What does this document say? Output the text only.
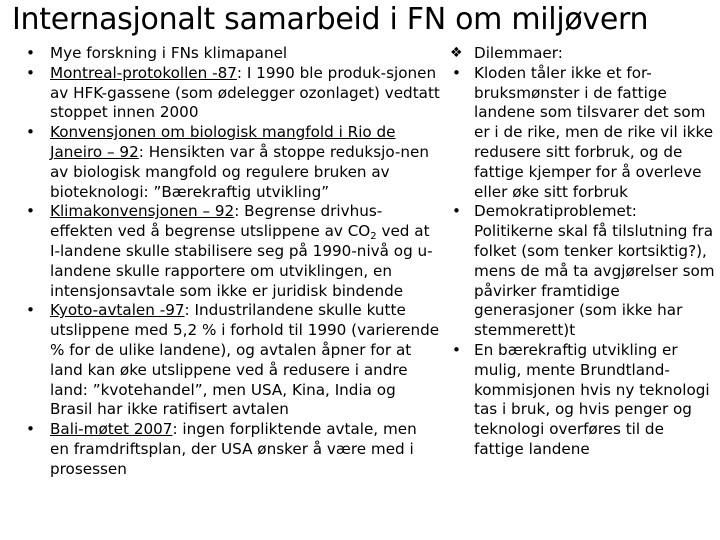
Internasjonalt samarbeid i FN om miljøvern
• Mye forskning i FNs klimapanel
• Montreal-protokollen -87: I 1990 ble produk-sjonen av HFK-gassene (som ødelegger ozonlaget) vedtatt stoppet innen 2000
• Konvensjonen om biologisk mangfold i Rio de Janeiro – 92: Hensikten var å stoppe reduksjo-nen av biologisk mangfold og regulere bruken av bioteknologi: ”Bærekraftig utvikling”
• Klimakonvensjonen – 92: Begrense drivhus-effekten ved å begrense utslippene av $CO_2$ ved at I-landene skulle stabilisere seg på 1990-nivå og u-landene skulle rapportere om utviklingen, en intensjonsavtale som ikke er juridisk bindende
• Kyoto-avtalen -97: Industrilandene skulle kutte utslippene med 5,2 % i forhold til 1990 (varierende % for de ulike landene), og avtalen åpner for at land kan øke utslippene ved å redusere i andre land: ”kvotehandel”, men USA, Kina, India og Brasil har ikke ratifisert avtalen
• Bali-møtet 2007: ingen forpliktende avtale, men en framdriftsplan, der USA ønsker å være med i prosessen
❖ Dilemmaer:
• Kloden tåler ikke et for-bruksmønster i de fattige landene som tilsvarer det som er i de rike, men de rike vil ikke redusere sitt forbruk, og de fattige kjemper for å overleve eller øke sitt forbruk
• Demokratiproblemet: Politikerne skal få tilslutning fra folket (som tenker kortsiktig?), mens de må ta avgjørelser som påvirker framtidige generasjoner (som ikke har stemmerett)t
• En bærekraftig utvikling er mulig, mente Brundtland-kommisjonen hvis ny teknologi tas i bruk, og hvis penger og teknologi overføres til de fattige landene
